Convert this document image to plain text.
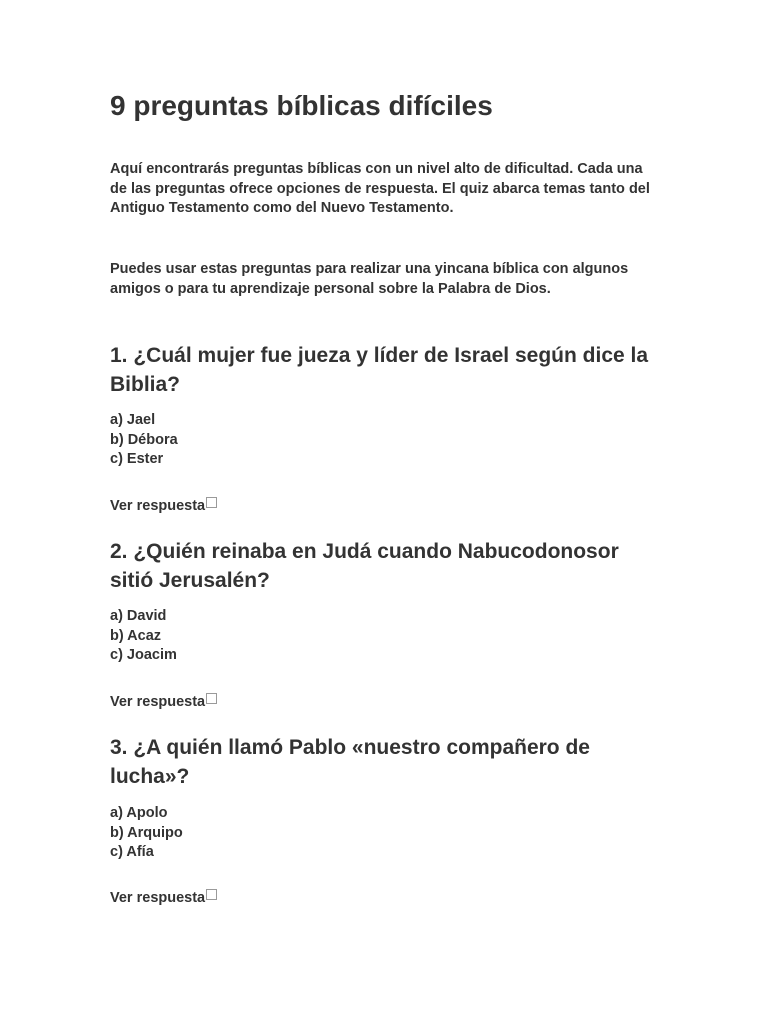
9 preguntas bíblicas difíciles

Aquí encontrarás preguntas bíblicas con un nivel alto de dificultad. Cada una de las preguntas ofrece opciones de respuesta. El quiz abarca temas tanto del Antiguo Testamento como del Nuevo Testamento.

Puedes usar estas preguntas para realizar una yincana bíblica con algunos amigos o para tu aprendizaje personal sobre la Palabra de Dios.

1. ¿Cuál mujer fue jueza y líder de Israel según dice la Biblia?
a) Jael
b) Débora
c) Ester
Ver respuesta
2. ¿Quién reinaba en Judá cuando Nabucodonosor sitió Jerusalén?
a) David
b) Acaz
c) Joacim
Ver respuesta
3. ¿A quién llamó Pablo «nuestro compañero de lucha»?
a) Apolo
b) Arquipo
c) Afía
Ver respuesta
